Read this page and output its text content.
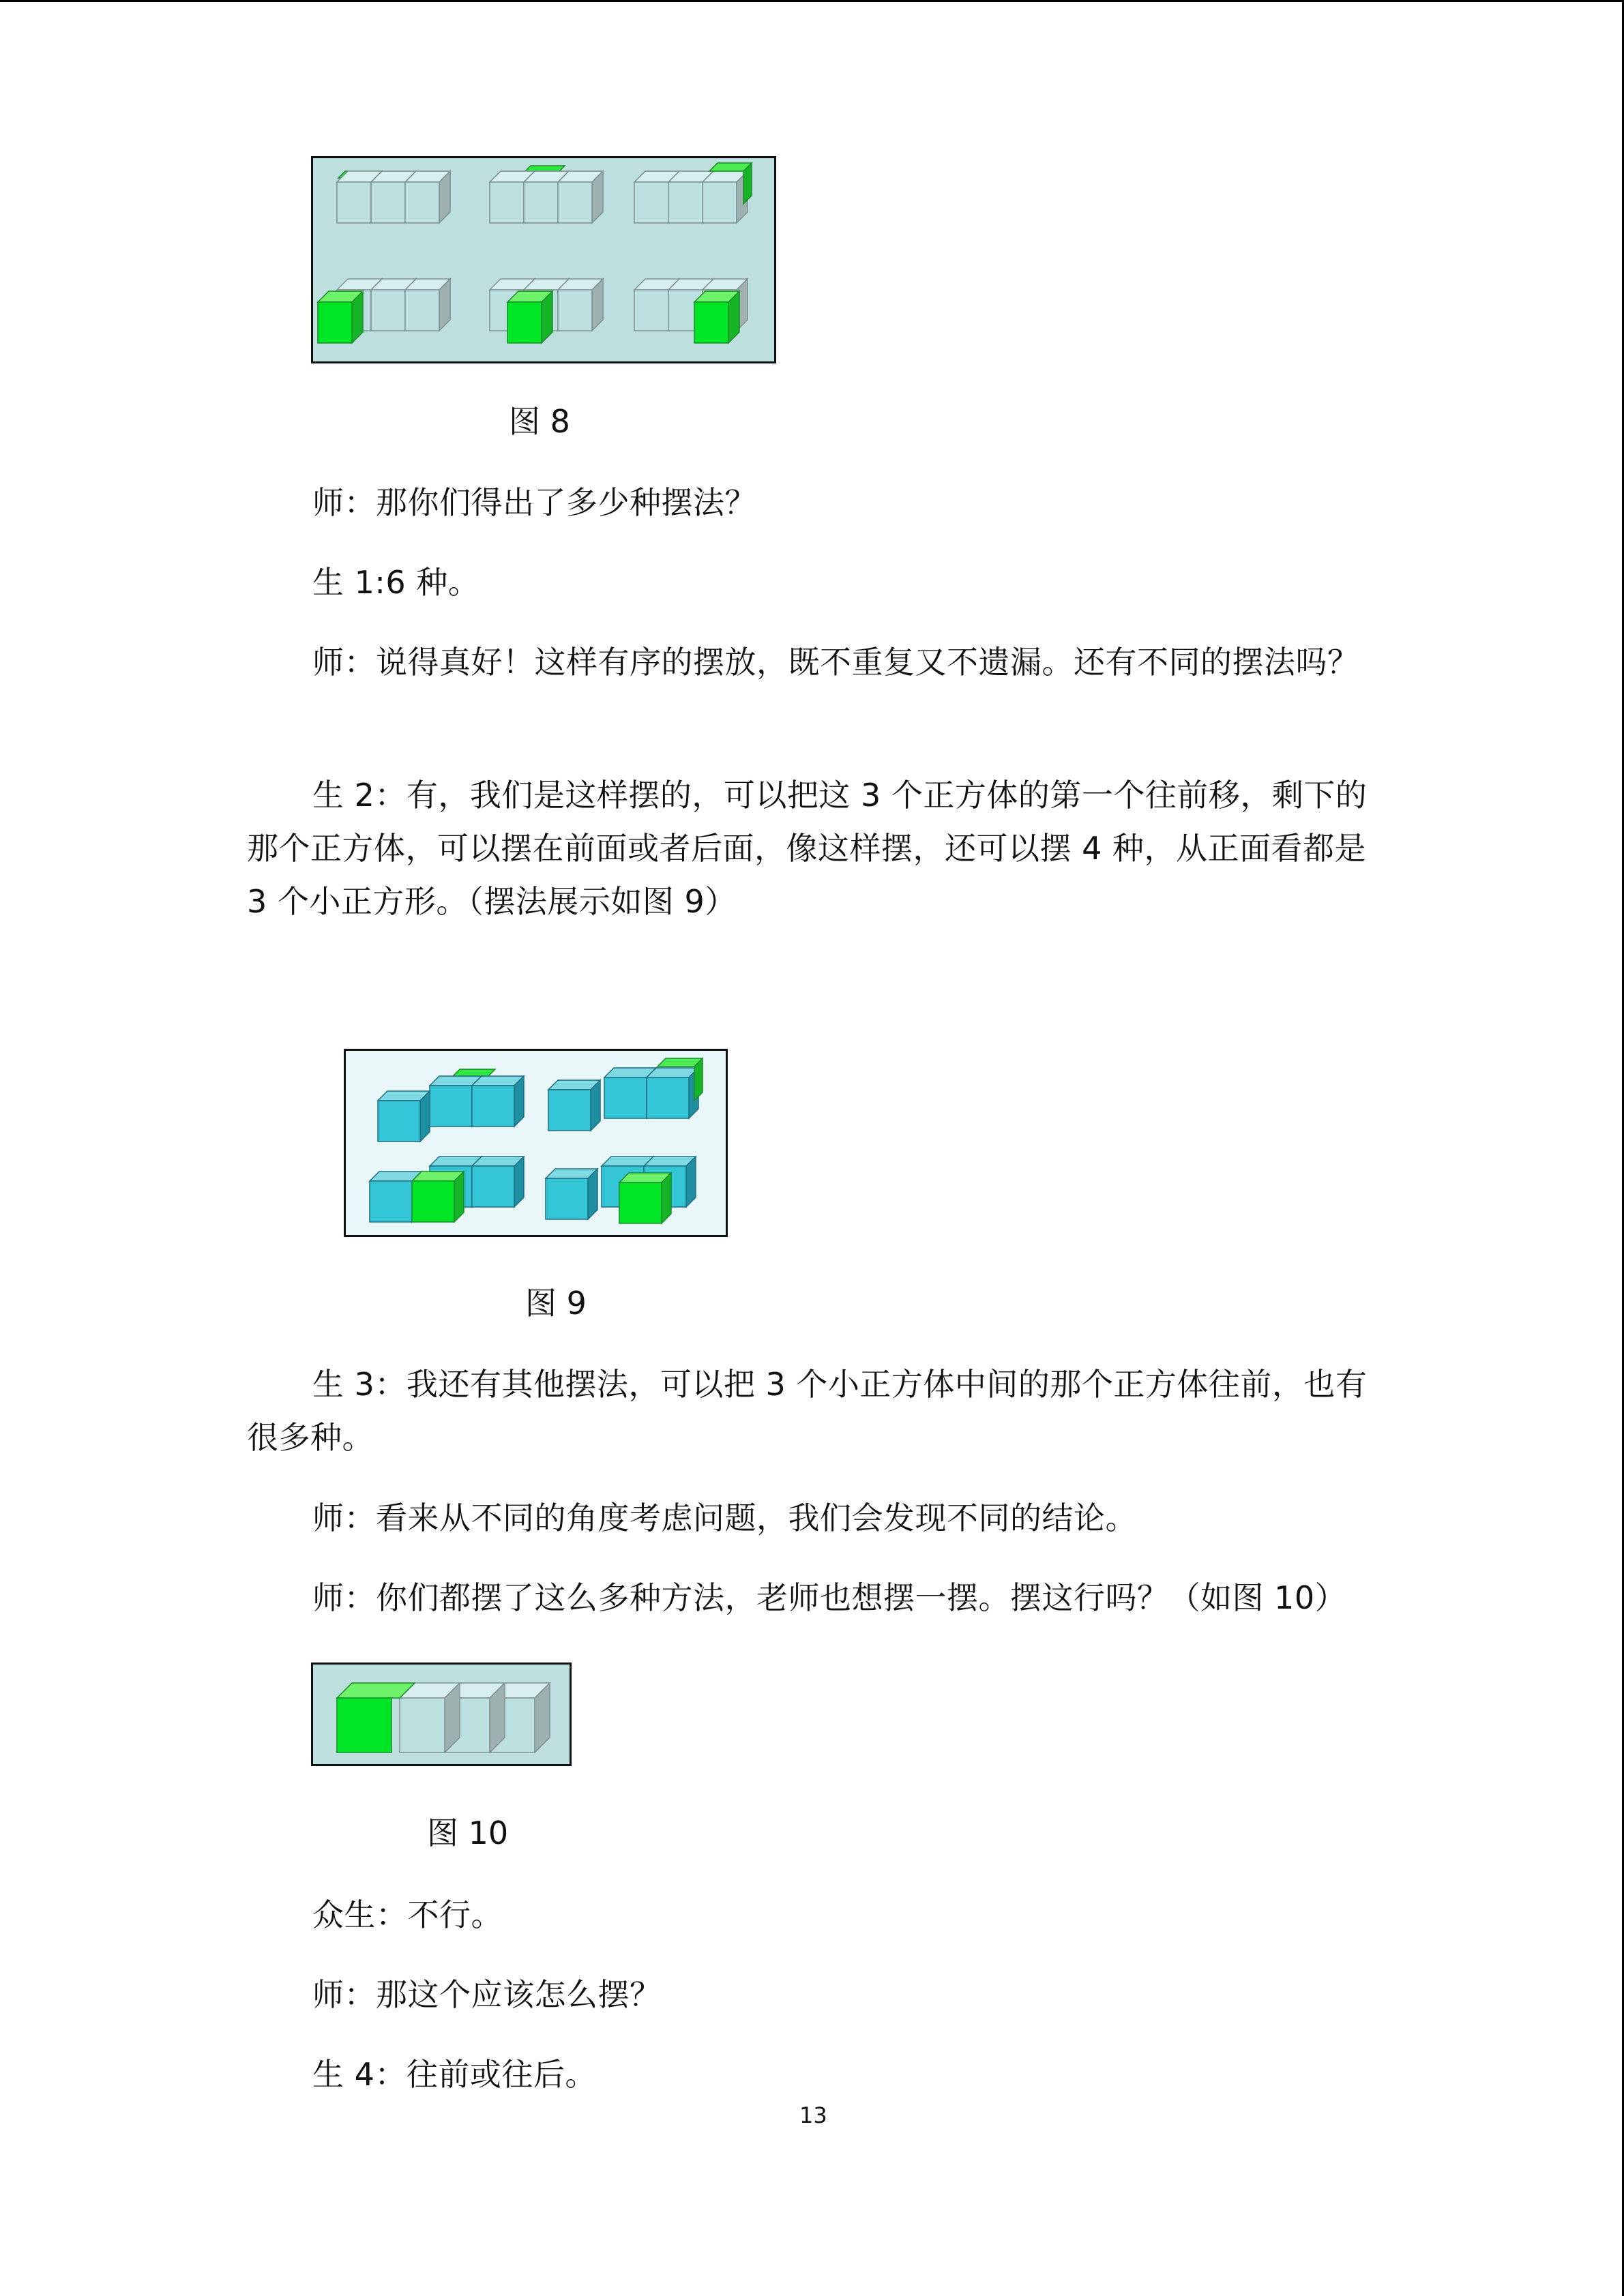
图 8

师：那你们得出了多少种摆法？

生 1:6 种。

师：说得真好！这样有序的摆放，既不重复又不遗漏。还有不同的摆法吗？

生 2：有，我们是这样摆的，可以把这 3 个正方体的第一个往前移，剩下的那个正方体，可以摆在前面或者后面，像这样摆，还可以摆 4 种，从正面看都是 3 个小正方形。（摆法展示如图 9）

图 9

生 3：我还有其他摆法，可以把 3 个小正方体中间的那个正方体往前，也有很多种。

师：看来从不同的角度考虑问题，我们会发现不同的结论。

师：你们都摆了这么多种方法，老师也想摆一摆。摆这行吗？（如图 10）

图 10

众生：不行。

师：那这个应该怎么摆？

生 4：往前或往后。

13
